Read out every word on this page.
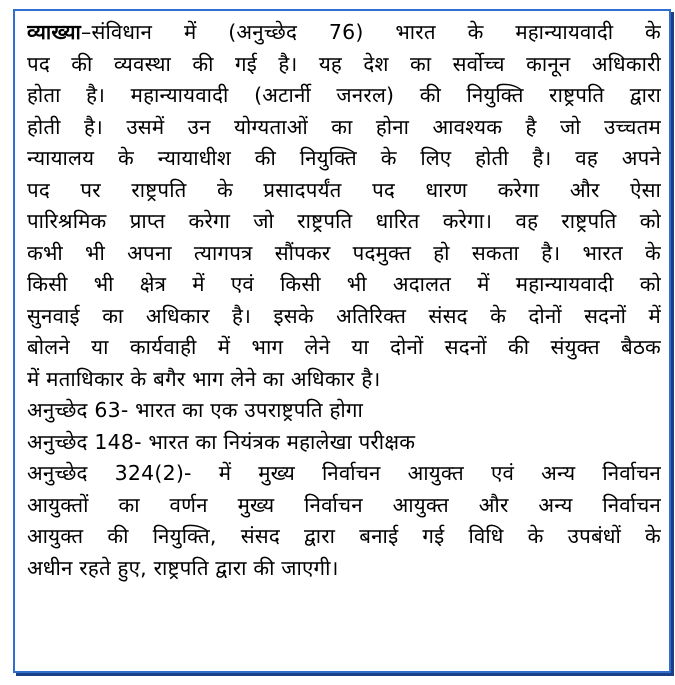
व्याख्या–संविधान में (अनुच्छेद 76) भारत के महान्यायवादी के
पद की व्यवस्था की गई है। यह देश का सर्वोच्च कानून अधिकारी
होता है। महान्यायवादी (अटार्नी जनरल) की नियुक्ति राष्ट्रपति द्वारा
होती है। उसमें उन योग्यताओं का होना आवश्यक है जो उच्चतम
न्यायालय के न्यायाधीश की नियुक्ति के लिए होती है। वह अपने
पद पर राष्ट्रपति के प्रसादपर्यंत पद धारण करेगा और ऐसा
पारिश्रमिक प्राप्त करेगा जो राष्ट्रपति धारित करेगा। वह राष्ट्रपति को
कभी भी अपना त्यागपत्र सौंपकर पदमुक्त हो सकता है। भारत के
किसी भी क्षेत्र में एवं किसी भी अदालत में महान्यायवादी को
सुनवाई का अधिकार है। इसके अतिरिक्त संसद के दोनों सदनों में
बोलने या कार्यवाही में भाग लेने या दोनों सदनों की संयुक्त बैठक
में मताधिकार के बगैर भाग लेने का अधिकार है।
अनुच्छेद 63- भारत का एक उपराष्ट्रपति होगा
अनुच्छेद 148- भारत का नियंत्रक महालेखा परीक्षक
अनुच्छेद 324(2)- में मुख्य निर्वाचन आयुक्त एवं अन्य निर्वाचन
आयुक्तों का वर्णन मुख्य निर्वाचन आयुक्त और अन्य निर्वाचन
आयुक्त की नियुक्ति, संसद द्वारा बनाई गई विधि के उपबंधों के
अधीन रहते हुए, राष्ट्रपति द्वारा की जाएगी।
